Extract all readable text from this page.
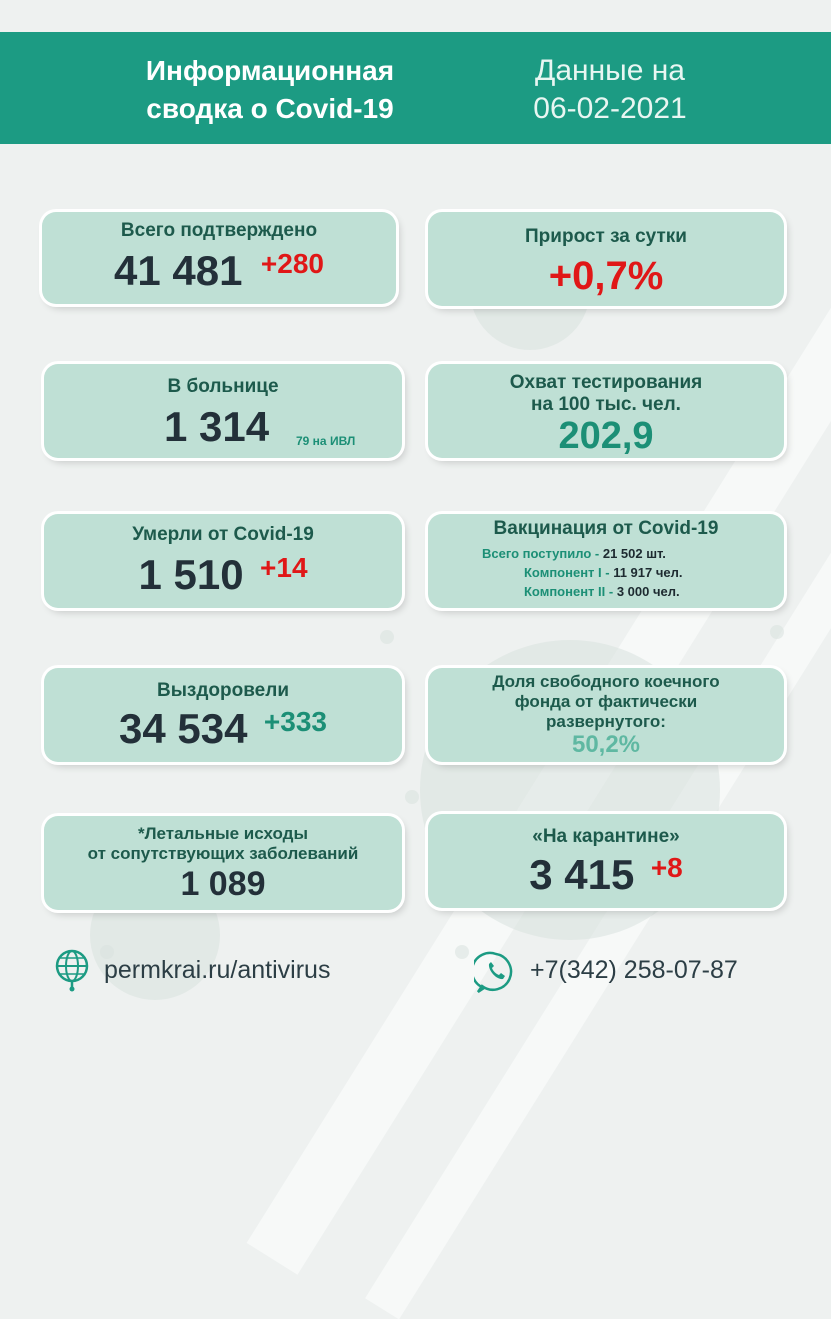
Информационная
сводка о Covid-19
Данные на
06-02-2021
Всего подтверждено
41 481 +280
Прирост за сутки
+0,7%
В больнице
1 314 79 на ИВЛ
Охват тестирования
на 100 тыс. чел.
202,9
Умерли от Covid-19
1 510 +14
Вакцинация от Covid-19
Всего поступило - 21 502 шт.
Компонент I - 11 917 чел.
Компонент II - 3 000 чел.
Выздоровели
34 534 +333
Доля свободного коечного
фонда от фактически
развернутого:
50,2%
*Летальные исходы
от сопутствующих заболеваний
1 089
«На карантине»
3 415 +8
permkrai.ru/antivirus	+7(342) 258-07-87
